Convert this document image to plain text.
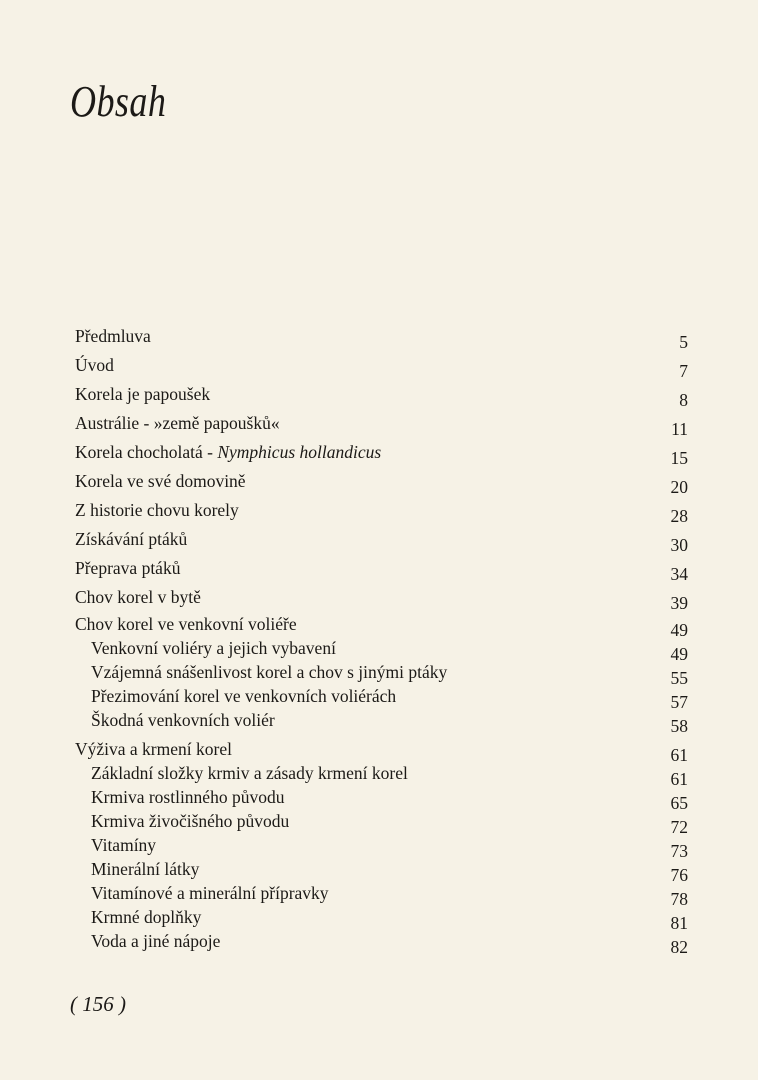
Obsah
Předmluva	5
Úvod	7
Korela je papoušek	8
Austrálie - »země papoušků«	11
Korela chocholatá - Nymphicus hollandicus	15
Korela ve své domovině	20
Z historie chovu korely	28
Získávání ptáků	30
Přeprava ptáků	34
Chov korel v bytě	39
Chov korel ve venkovní voliéře	49
Venkovní voliéry a jejich vybavení	49
Vzájemná snášenlivost korel a chov s jinými ptáky	55
Přezimování korel ve venkovních voliérách	57
Škodná venkovních voliér	58
Výživa a krmení korel	61
Základní složky krmiv a zásady krmení korel	61
Krmiva rostlinného původu	65
Krmiva živočišného původu	72
Vitamíny	73
Minerální látky	76
Vitamínové a minerální přípravky	78
Krmné doplňky	81
Voda a jiné nápoje	82
( 156 )
